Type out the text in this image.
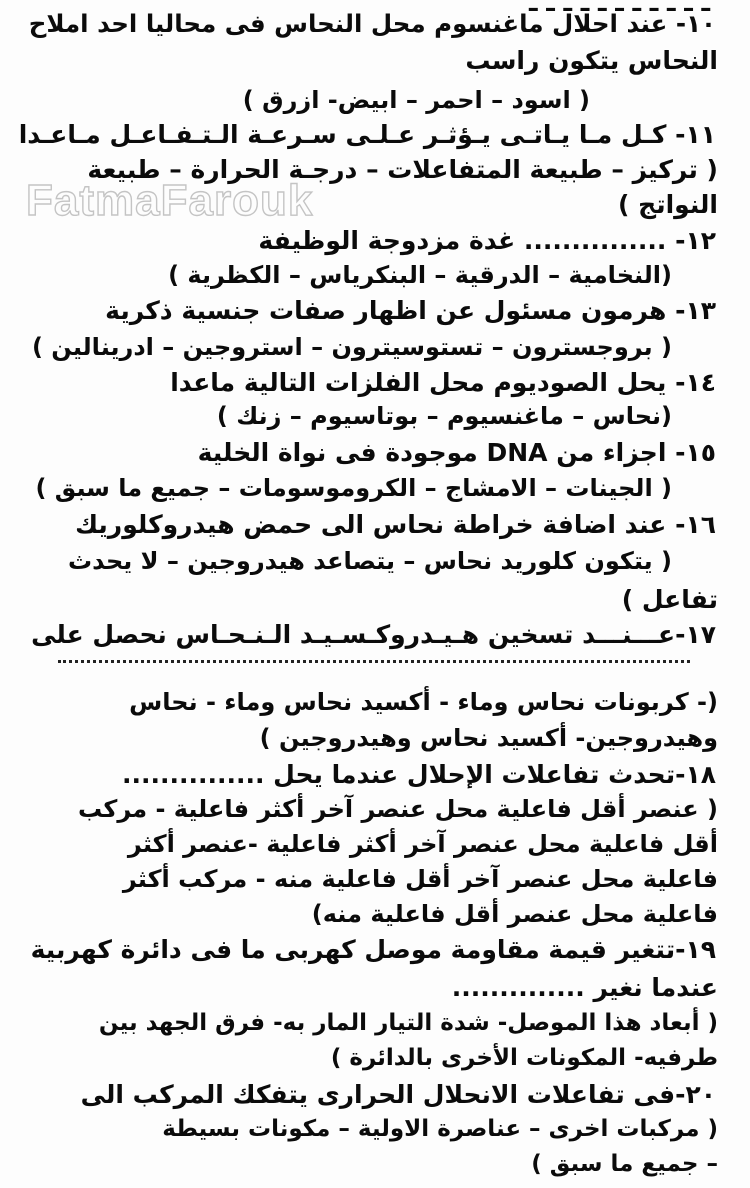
ـ ـ ـ ـ ـ ـ ـ ـ ـ ـ ـ
FatmaFarouk
١٠- عند احلال ماغنسوم محل النحاس فى محاليا احد املاح
النحاس يتكون راسب
( اسود – احمر – ابيض- ازرق )
١١- كـل مـا يـاتـى يـؤثـر عـلـى سـرعـة الـتـفـاعـل مـاعـدا
( تركيز – طبيعة المتفاعلات – درجـة الحرارة – طبيعة
النواتج )
١٢- ............... غدة مزدوجة الوظيفة
(النخامية – الدرقية – البنكرياس – الكظرية )
١٣- هرمون مسئول عن اظهار صفات جنسية ذكرية
( بروجسترون – تستوسيترون – استروجين – ادرينالين )
١٤- يحل الصوديوم محل الفلزات التالية ماعدا
(نحاس – ماغنسيوم – بوتاسيوم – زنك )
١٥- اجزاء من DNA موجودة فى نواة الخلية
( الجينات – الامشاج – الكروموسومات – جميع ما سبق )
١٦- عند اضافة خراطة نحاس الى حمض هيدروكلوريك
( يتكون كلوريد نحاس – يتصاعد هيدروجين – لا يحدث
تفاعل )
١٧-عـــنـــد تسخين هـيـدروكـسـيـد الـنـحـاس نحصل على
(- كربونات نحاس وماء - أكسيد نحاس وماء - نحاس
وهيدروجين- أكسيد نحاس وهيدروجين )
١٨-تحدث تفاعلات الإحلال عندما يحل ...............
( عنصر أقل فاعلية محل عنصر آخر أكثر فاعلية - مركب
أقل فاعلية محل عنصر آخر أكثر فاعلية -عنصر أكثر
فاعلية محل عنصر آخر أقل فاعلية منه - مركب أكثر
فاعلية محل عنصر أقل فاعلية منه)
١٩-تتغير قيمة مقاومة موصل كهربى ما فى دائرة كهربية
عندما نغير ..............
( أبعاد هذا الموصل- شدة التيار المار به- فرق الجهد بين
طرفيه- المكونات الأخرى بالدائرة )
٢٠-فى تفاعلات الانحلال الحرارى يتفكك المركب الى
( مركبات اخرى – عناصرة الاولية – مكونات بسيطة
– جميع ما سبق )
